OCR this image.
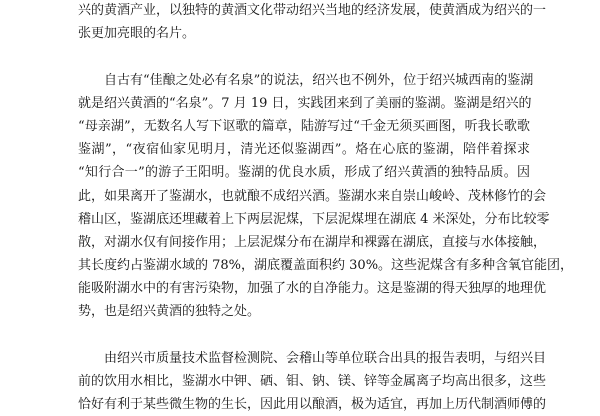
兴的黄酒产业，以独特的黄酒文化带动绍兴当地的经济发展，使黄酒成为绍兴的一
张更加亮眼的名片。
自古有“佳酿之处必有名泉”的说法，绍兴也不例外，位于绍兴城西南的鉴湖
就是绍兴黄酒的“名泉”。7 月 19 日，实践团来到了美丽的鉴湖。鉴湖是绍兴的
“母亲湖”，无数名人写下讴歌的篇章，陆游写过“千金无须买画图，听我长歌歌
鉴湖”，“夜宿仙家见明月，清光还似鉴湖西”。烙在心底的鉴湖，陪伴着探求
“知行合一”的游子王阳明。鉴湖的优良水质，形成了绍兴黄酒的独特品质。因
此，如果离开了鉴湖水，也就酿不成绍兴酒。鉴湖水来自崇山峻岭、茂林修竹的会
稽山区，鉴湖底还埋藏着上下两层泥煤，下层泥煤埋在湖底 4 米深处，分布比较零
散，对湖水仅有间接作用；上层泥煤分布在湖岸和裸露在湖底，直接与水体接触，
其长度约占鉴湖水域的 78%，湖底覆盖面积约 30%。这些泥煤含有多种含氧官能团，
能吸附湖水中的有害污染物，加强了水的自净能力。这是鉴湖的得天独厚的地理优
势，也是绍兴黄酒的独特之处。
由绍兴市质量技术监督检测院、会稽山等单位联合出具的报告表明，与绍兴目
前的饮用水相比，鉴湖水中钾、硒、钼、钠、镁、锌等金属离子均高出很多，这些
恰好有利于某些微生物的生长，因此用以酿酒，极为适宜，再加上历代制酒师傅的
